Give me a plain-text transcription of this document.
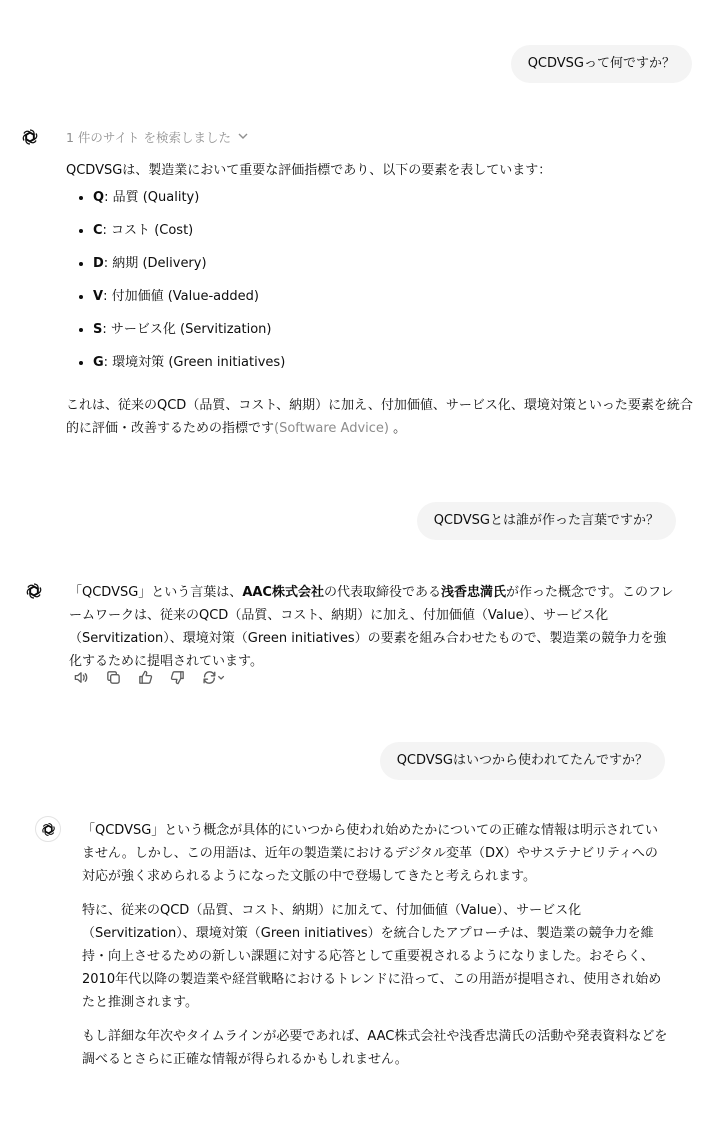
QCDVSGって何ですか？
1 件のサイト を検索しました

QCDVSGは、製造業において重要な評価指標であり、以下の要素を表しています：

• Q: 品質 (Quality)
• C: コスト (Cost)
• D: 納期 (Delivery)
• V: 付加価値 (Value-added)
• S: サービス化 (Servitization)
• G: 環境対策 (Green initiatives)

これは、従来のQCD（品質、コスト、納期）に加え、付加価値、サービス化、環境対策といった要素を統合的に評価・改善するための指標です(Software Advice) 。

QCDVSGとは誰が作った言葉ですか？

「QCDVSG」という言葉は、AAC株式会社の代表取締役である浅香忠満氏が作った概念です。このフレームワークは、従来のQCD（品質、コスト、納期）に加え、付加価値（Value）、サービス化（Servitization）、環境対策（Green initiatives）の要素を組み合わせたもので、製造業の競争力を強化するために提唱されています。

QCDVSGはいつから使われてたんですか？

「QCDVSG」という概念が具体的にいつから使われ始めたかについての正確な情報は明示されていません。しかし、この用語は、近年の製造業におけるデジタル変革（DX）やサステナビリティへの対応が強く求められるようになった文脈の中で登場してきたと考えられます。

特に、従来のQCD（品質、コスト、納期）に加えて、付加価値（Value）、サービス化（Servitization）、環境対策（Green initiatives）を統合したアプローチは、製造業の競争力を維持・向上させるための新しい課題に対する応答として重要視されるようになりました。おそらく、2010年代以降の製造業や経営戦略におけるトレンドに沿って、この用語が提唱され、使用され始めたと推測されます。

もし詳細な年次やタイムラインが必要であれば、AAC株式会社や浅香忠満氏の活動や発表資料などを調べるとさらに正確な情報が得られるかもしれません。
